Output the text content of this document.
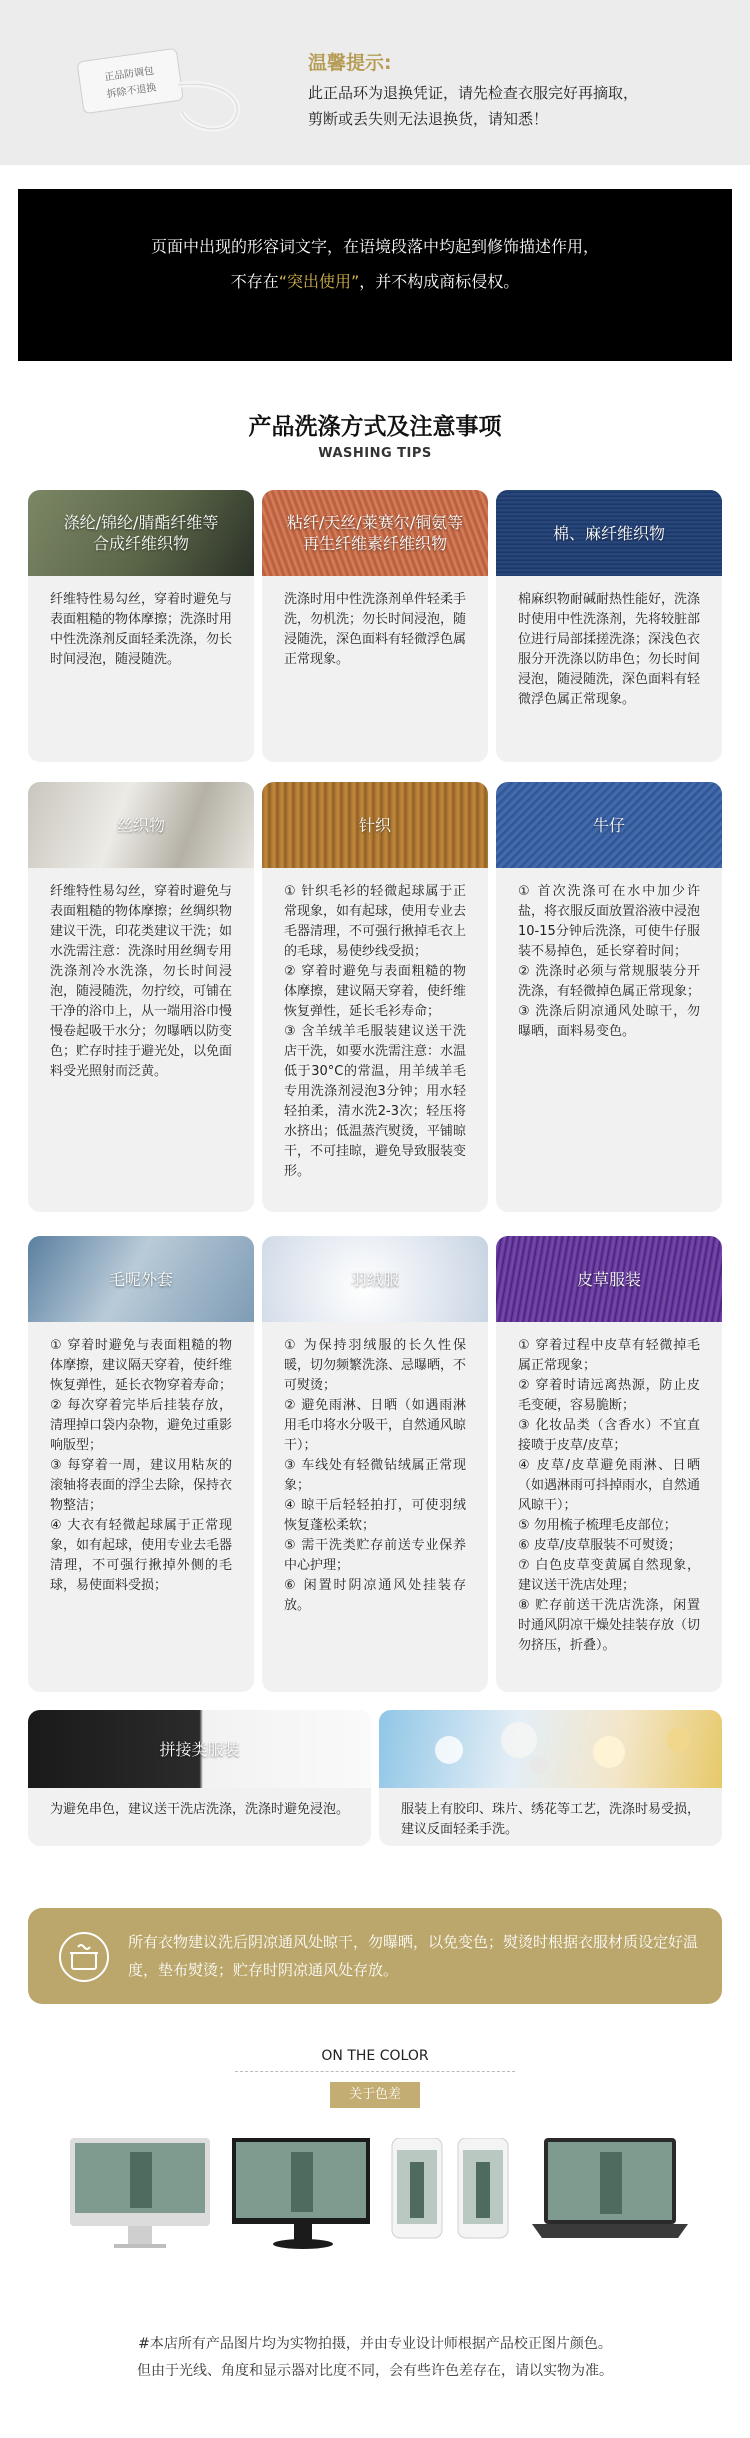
正品防调包
拆除不退换
温馨提示:
此正品环为退换凭证，请先检查衣服完好再摘取，
剪断或丢失则无法退换货，请知悉！
页面中出现的形容词文字，在语境段落中均起到修饰描述作用，
不存在“突出使用”，并不构成商标侵权。
产品洗涤方式及注意事项
WASHING TIPS
涤纶/锦纶/腈酯纤维等
合成纤维织物
纤维特性易勾丝，穿着时避免与表面粗糙的物体摩擦；洗涤时用中性洗涤剂反面轻柔洗涤，勿长时间浸泡，随浸随洗。
粘纤/天丝/莱赛尔/铜氨等
再生纤维素纤维织物
洗涤时用中性洗涤剂单件轻柔手洗，勿机洗；勿长时间浸泡，随浸随洗，深色面料有轻微浮色属正常现象。
棉、麻纤维织物
棉麻织物耐碱耐热性能好，洗涤时使用中性洗涤剂，先将较脏部位进行局部揉搓洗涤；深浅色衣服分开洗涤以防串色；勿长时间浸泡，随浸随洗，深色面料有轻微浮色属正常现象。
丝织物
纤维特性易勾丝，穿着时避免与表面粗糙的物体摩擦；丝绸织物建议干洗，印花类建议干洗；如水洗需注意：洗涤时用丝绸专用洗涤剂冷水洗涤，勿长时间浸泡，随浸随洗，勿拧绞，可铺在干净的浴巾上，从一端用浴巾慢慢卷起吸干水分；勿曝晒以防变色；贮存时挂于避光处，以免面料受光照射而泛黄。
针织
① 针织毛衫的轻微起球属于正常现象，如有起球，使用专业去毛器清理，不可强行揪掉毛衣上的毛球，易使纱线受损；
② 穿着时避免与表面粗糙的物体摩擦，建议隔天穿着，使纤维恢复弹性，延长毛衫寿命；
③ 含羊绒羊毛服装建议送干洗店干洗，如要水洗需注意：水温低于30°C的常温，用羊绒羊毛专用洗涤剂浸泡3分钟；用水轻轻拍柔，清水洗2-3次；轻压将水挤出；低温蒸汽熨烫，平铺晾干，不可挂晾，避免导致服装变形。
牛仔
① 首次洗涤可在水中加少许盐，将衣服反面放置浴液中浸泡10-15分钟后洗涤，可使牛仔服装不易掉色，延长穿着时间；
② 洗涤时必须与常规服装分开洗涤，有轻微掉色属正常现象；
③ 洗涤后阴凉通风处晾干，勿曝晒，面料易变色。
毛呢外套
① 穿着时避免与表面粗糙的物体摩擦，建议隔天穿着，使纤维恢复弹性，延长衣物穿着寿命；
② 每次穿着完毕后挂装存放，清理掉口袋内杂物，避免过重影响版型；
③ 每穿着一周，建议用粘灰的滚轴将表面的浮尘去除，保持衣物整洁；
④ 大衣有轻微起球属于正常现象，如有起球，使用专业去毛器清理，不可强行揪掉外侧的毛球，易使面料受损；
羽绒服
① 为保持羽绒服的长久性保暖，切勿频繁洗涤、忌曝晒，不可熨烫；
② 避免雨淋、日晒（如遇雨淋用毛巾将水分吸干，自然通风晾干）；
③ 车线处有轻微钻绒属正常现象；
④ 晾干后轻轻拍打，可使羽绒恢复蓬松柔软；
⑤ 需干洗类贮存前送专业保养中心护理；
⑥ 闲置时阴凉通风处挂装存放。
皮草服装
① 穿着过程中皮草有轻微掉毛属正常现象；
② 穿着时请远离热源，防止皮毛变硬，容易脆断；
③ 化妆品类（含香水）不宜直接喷于皮草/皮草；
④ 皮草/皮草避免雨淋、日晒（如遇淋雨可抖掉雨水，自然通风晾干）；
⑤ 勿用梳子梳理毛皮部位；
⑥ 皮草/皮草服装不可熨烫；
⑦ 白色皮草变黄属自然现象，建议送干洗店处理；
⑧ 贮存前送干洗店洗涤，闲置时通风阴凉干燥处挂装存放（切勿挤压，折叠）。
拼接类服装
为避免串色，建议送干洗店洗涤，洗涤时避免浸泡。	服装上有胶印、珠片、绣花等工艺，洗涤时易受损，建议反面轻柔手洗。
所有衣物建议洗后阴凉通风处晾干，勿曝晒，以免变色；熨烫时根据衣服材质设定好温度，垫布熨烫；贮存时阴凉通风处存放。
ON THE COLOR
关于色差
#本店所有产品图片均为实物拍摄，并由专业设计师根据产品校正图片颜色。
但由于光线、角度和显示器对比度不同，会有些许色差存在，请以实物为准。
